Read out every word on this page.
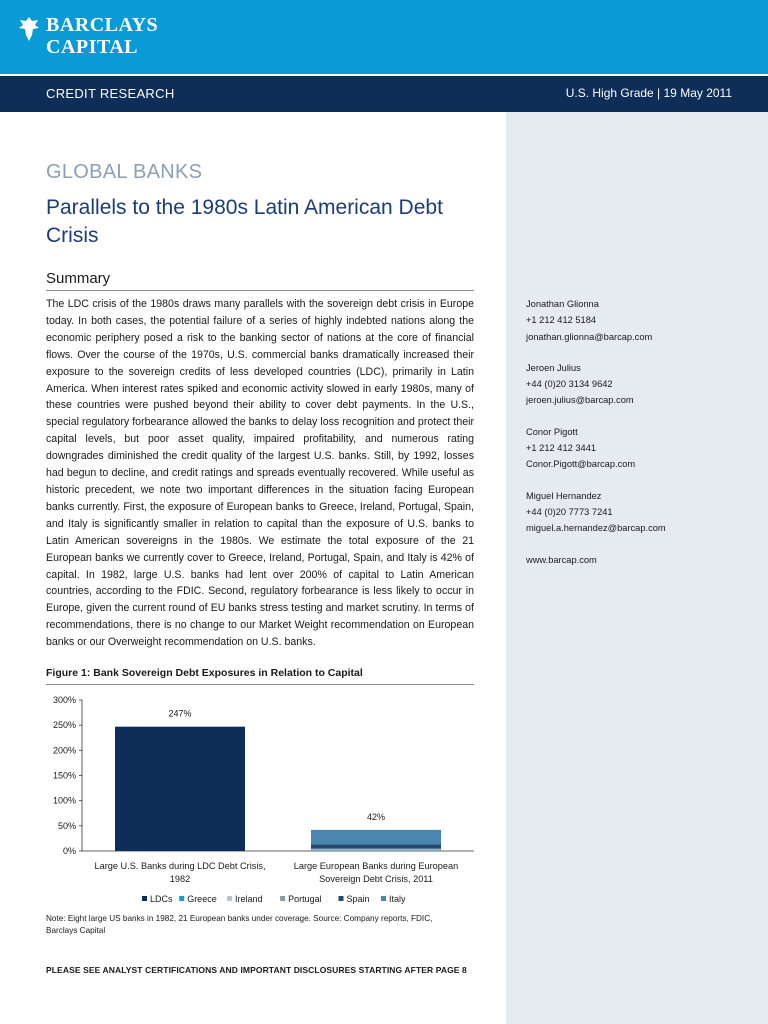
BARCLAYS
CAPITAL
CREDIT RESEARCH	U.S. High Grade | 19 May 2011
GLOBAL BANKS
Parallels to the 1980s Latin American Debt Crisis
Summary
The LDC crisis of the 1980s draws many parallels with the sovereign debt crisis in Europe today. In both cases, the potential failure of a series of highly indebted nations along the economic periphery posed a risk to the banking sector of nations at the core of financial flows. Over the course of the 1970s, U.S. commercial banks dramatically increased their exposure to the sovereign credits of less developed countries (LDC), primarily in Latin America. When interest rates spiked and economic activity slowed in early 1980s, many of these countries were pushed beyond their ability to cover debt payments. In the U.S., special regulatory forbearance allowed the banks to delay loss recognition and protect their capital levels, but poor asset quality, impaired profitability, and numerous rating downgrades diminished the credit quality of the largest U.S. banks. Still, by 1992, losses had begun to decline, and credit ratings and spreads eventually recovered. While useful as historic precedent, we note two important differences in the situation facing European banks currently. First, the exposure of European banks to Greece, Ireland, Portugal, Spain, and Italy is significantly smaller in relation to capital than the exposure of U.S. banks to Latin American sovereigns in the 1980s. We estimate the total exposure of the 21 European banks we currently cover to Greece, Ireland, Portugal, Spain, and Italy is 42% of capital. In 1982, large U.S. banks had lent over 200% of capital to Latin American countries, according to the FDIC. Second, regulatory forbearance is less likely to occur in Europe, given the current round of EU banks stress testing and market scrutiny. In terms of recommendations, there is no change to our Market Weight recommendation on European banks or our Overweight recommendation on U.S. banks.
Jonathan Glionna
+1 212 412 5184
jonathan.glionna@barcap.com
Jeroen Julius
+44 (0)20 3134 9642
jeroen.julius@barcap.com
Conor Pigott
+1 212 412 3441
Conor.Pigott@barcap.com
Miguel Hernandez
+44 (0)20 7773 7241
miguel.a.hernandez@barcap.com
www.barcap.com
Figure 1: Bank Sovereign Debt Exposures in Relation to Capital
0%
50%
100%
150%
200%
250%
300%
247%
Large U.S. Banks during LDC Debt Crisis,
1982
42%
Large European Banks during European
Sovereign Debt Crisis, 2011
LDCs Greece Ireland	Portugal	Spain Italy
Note: Eight large US banks in 1982, 21 European banks under coverage. Source: Company reports, FDIC, Barclays Capital
PLEASE SEE ANALYST CERTIFICATIONS AND IMPORTANT DISCLOSURES STARTING AFTER PAGE 8
